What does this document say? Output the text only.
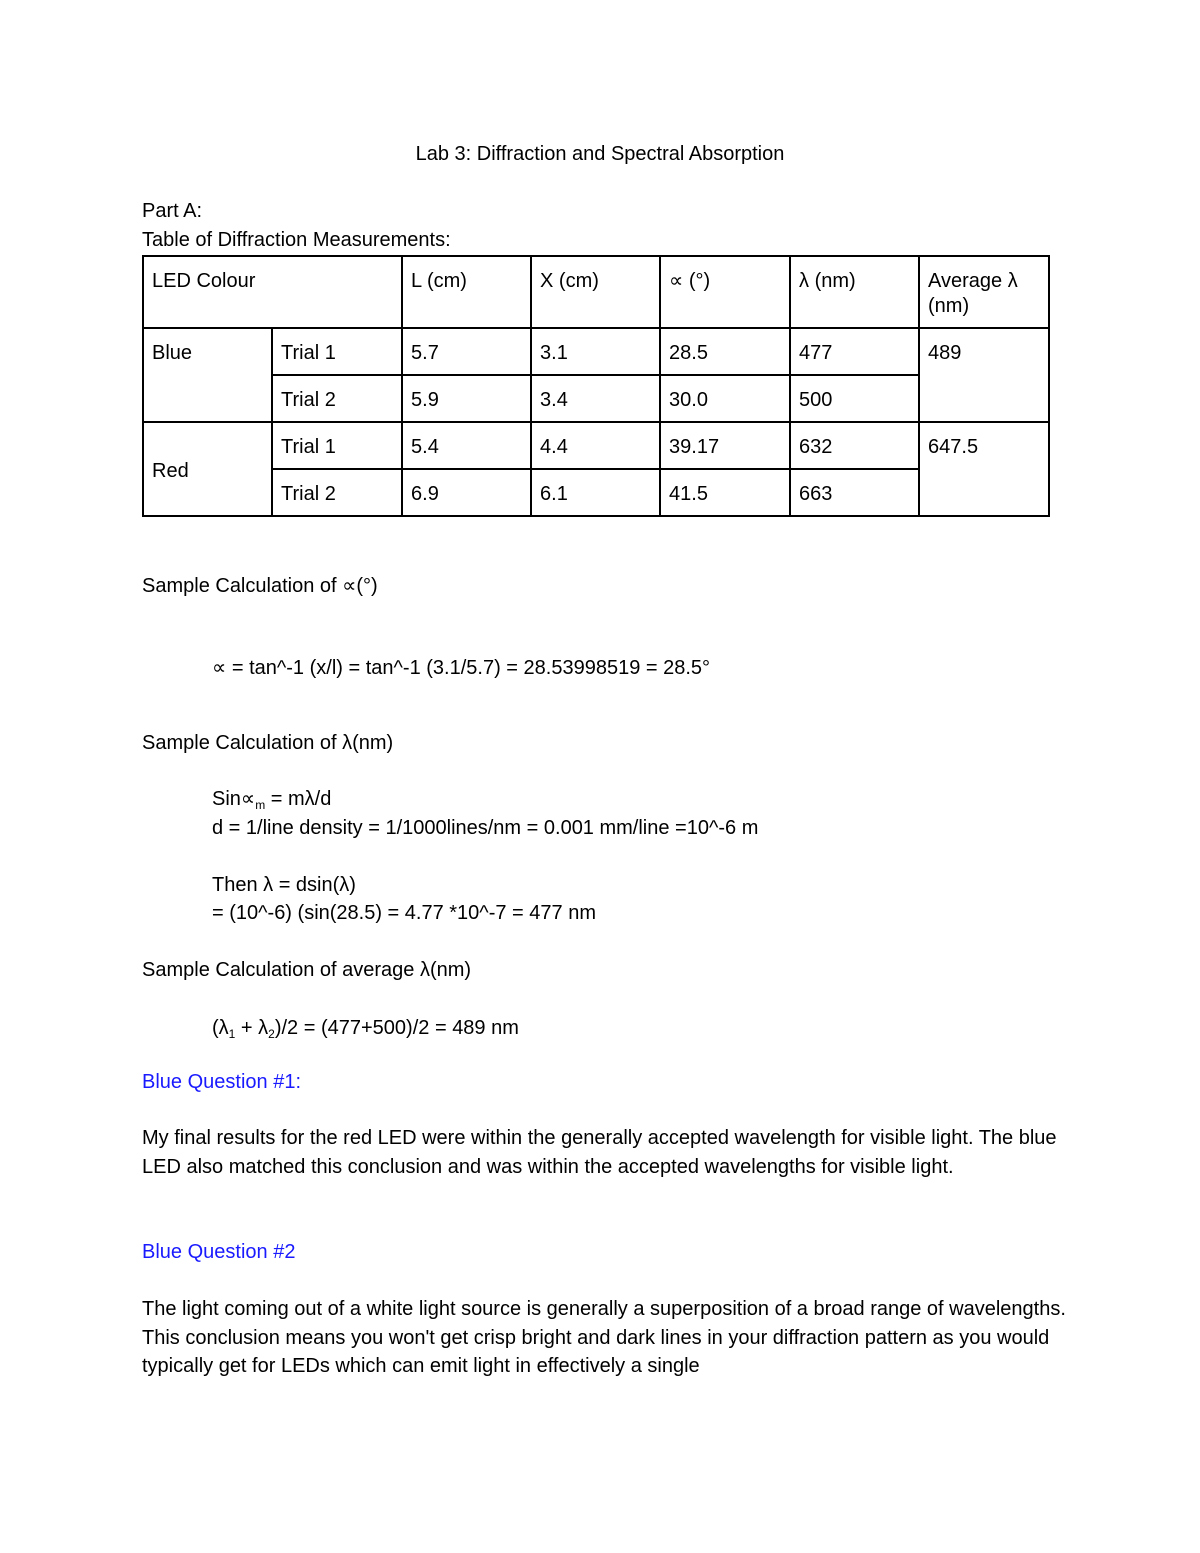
Lab 3: Diffraction and Spectral Absorption
Part A:
Table of Diffraction Measurements:
LED Colour		L (cm)	X (cm)	∝ (°)	λ (nm)	Average λ (nm)
Blue	Trial 1	5.7	3.1	28.5	477	489
	Trial 2	5.9	3.4	30.0	500	
Red	Trial 1	5.4	4.4	39.17	632	647.5
	Trial 2	6.9	6.1	41.5	663	
Sample Calculation of ∝(°)
∝ = tan^-1 (x/l) = tan^-1 (3.1/5.7) = 28.53998519 = 28.5°
Sample Calculation of λ(nm)
$Sin\propto_m = m\lambda/d$
d = 1/line density = 1/1000lines/nm = 0.001 mm/line =10^-6 m
Then λ = dsin(λ)
= (10^-6) (sin(28.5) = 4.77 *10^-7 = 477 nm
Sample Calculation of average λ(nm)
$(\lambda_1 + \lambda_2)/2 = (477+500)/2 = 489$ nm
Blue Question #1:
My final results for the red LED were within the generally accepted wavelength for visible light. The blue LED also matched this conclusion and was within the accepted wavelengths for visible light.
Blue Question #2
The light coming out of a white light source is generally a superposition of a broad range of wavelengths. This conclusion means you won't get crisp bright and dark lines in your diffraction pattern as you would typically get for LEDs which can emit light in effectively a single
